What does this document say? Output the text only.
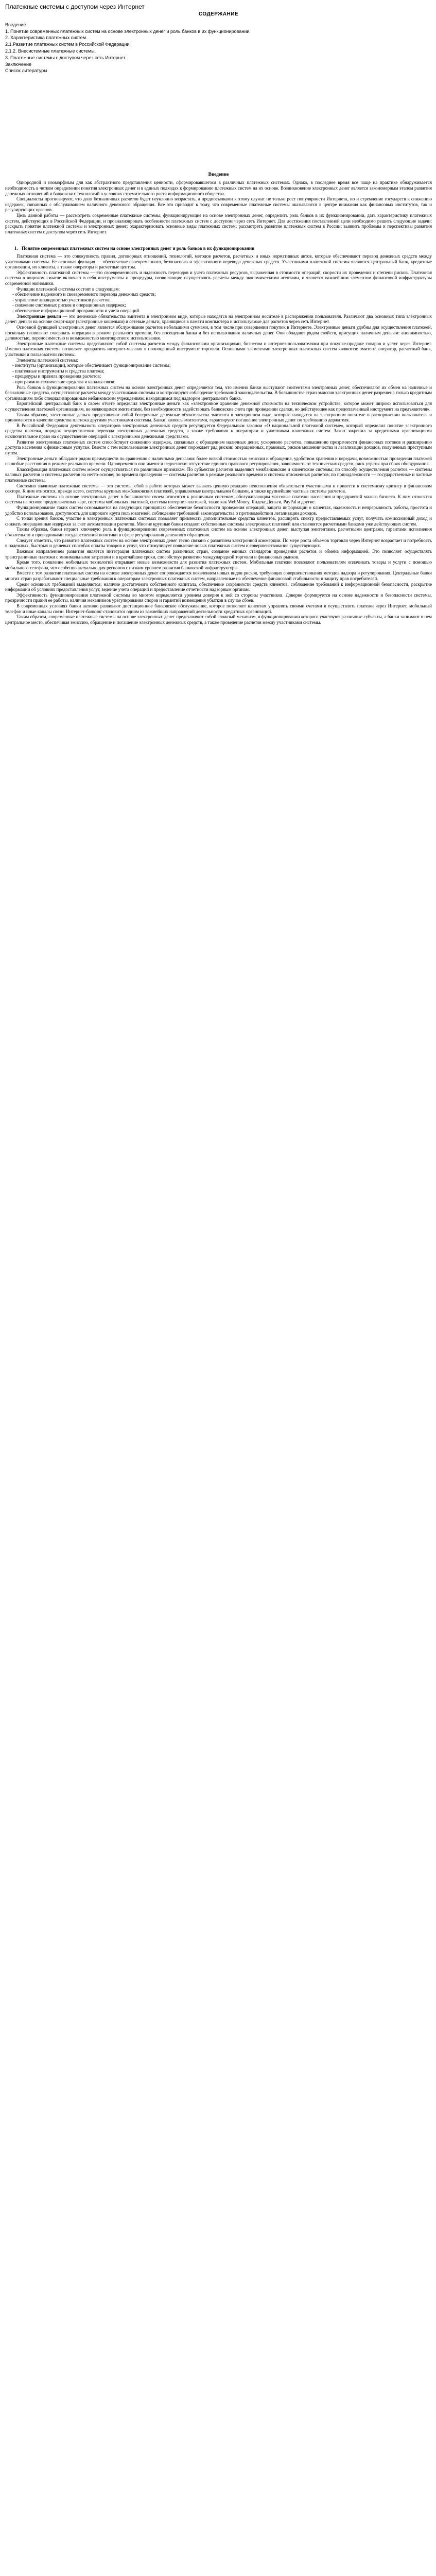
Платежные системы с доступом через Интернет
СОДЕРЖАНИЕ
Введение
1. Понятие современных платежных систем на основе электронных денег и роль банков в их функционировании.
2. Характеристика платежных систем.
2.1.Развитие платежных систем в Российской Федерации.
2.1.2. Внесистемные платежные системы.
3. Платежные системы с доступом через сеть Интернет.
Заключение
Список литературы
Введение

Однородной и изоморфным для как абстрактного представления ценности, сформировавшегося в различных платежных системах. Однако, в последнее время все чаще на практике обнаруживается необходимость в четком определении понятия электронных денег и в единых подходах к формированию платежных систем на их основе. Возникновение электронных денег является закономерным этапом развития денежных отношений и банковских технологий в условиях стремительного роста информационного общества.

Специалисты прогнозируют, что доля безналичных расчетов будет неуклонно возрастать, а предпосылками к этому служат не только рост популярности Интернета, но и стремление государств к снижению издержек, связанных с обслуживанием наличного денежного обращения. Все это приводит к тому, что современные платежные системы оказываются в центре внимания как финансовых институтов, так и регулирующих органов.

Цель данной работы — рассмотреть современные платежные системы, функционирующие на основе электронных денег, определить роль банков в их функционировании, дать характеристику платежных систем, действующих в Российской Федерации, и проанализировать особенности платежных систем с доступом через сеть Интернет. Для достижения поставленной цели необходимо решить следующие задачи: раскрыть понятие платежной системы и электронных денег; охарактеризовать основные виды платежных систем; рассмотреть развитие платежных систем в России; выявить проблемы и перспективы развития платежных систем с доступом через сеть Интернет.

1. Понятие современных платежных систем на основе электронных денег и роль банков в их функционировании

Платежная система — это совокупность правил, договорных отношений, технологий, методов расчетов, расчетных и иных нормативных актов, которые обеспечивают перевод денежных средств между участниками системы. Ее основная функция — обеспечение своевременного, безопасного и эффективного перевода денежных средств. Участниками платежной системы являются центральный банк, кредитные организации, их клиенты, а также операторы и расчетные центры.

Эффективность платежной системы — это своевременность и надежность переводов и учета платежных ресурсов, выраженная в стоимости операций, скорости их проведения и степени рисков. Платежная система в широком смысле включает в себя инструменты и процедуры, позволяющие осуществлять расчеты между экономическими агентами, и является важнейшим элементом финансовой инфраструктуры современной экономики.

Функции платежной системы состоят в следующем:

- обеспечение надежного и своевременного перевода денежных средств;

- управление ликвидностью участников расчетов;

- снижение системных рисков и операционных издержек;

- обеспечение информационной прозрачности и учета операций.

Электронные деньги — это денежные обязательства эмитента в электронном виде, которые находятся на электронном носителе в распоряжении пользователя. Различают два основных типа электронных денег: деньги на основе смарт-карт (электронные кошельки) и сетевые деньги, хранящиеся в памяти компьютера и используемые для расчетов через сеть Интернет.

Основной функцией электронных денег является обслуживание расчетов небольшими суммами, в том числе при совершении покупок в Интернете. Электронные деньги удобны для осуществления платежей, поскольку позволяют совершать операции в режиме реального времени, без посещения банка и без использования наличных денег. Они обладают рядом свойств, присущих наличным деньгам: анонимностью, делимостью, переносимостью и возможностью многократного использования.

Электронные платежные системы представляют собой системы расчетов между финансовыми организациями, бизнесом и интернет-пользователями при покупке-продаже товаров и услуг через Интернет. Именно платежная система позволяет превратить интернет-магазин в полноценный инструмент торговли. Основными элементами электронных платежных систем являются: эмитент, оператор, расчетный банк, участники и пользователи системы.

Элементы платежной системы:

- институты (организации), которые обеспечивают функционирование системы;

- платежные инструменты и средства платежа;

- процедуры и правила проведения расчетов;

- программно-технические средства и каналы связи.

Роль банков в функционировании платежных систем на основе электронных денег определяется тем, что именно банки выступают эмитентами электронных денег, обеспечивают их обмен на наличные и безналичные средства, осуществляют расчеты между участниками системы и контролируют соблюдение требований законодательства. В большинстве стран эмиссия электронных денег разрешена только кредитным организациям либо специализированным небанковским учреждениям, находящимся под надзором центрального банка.

Европейский центральный банк в своем отчете определил электронные деньги как «электронное хранение денежной стоимости на техническом устройстве, которое может широко использоваться для осуществления платежей организациям, не являющимся эмитентами, без необходимости задействовать банковские счета при проведении сделки, но действующее как предоплаченный инструмент на предъявителя».

Таким образом, электронные деньги представляют собой бессрочные денежные обязательства эмитента в электронном виде, которые находятся на электронном носителе в распоряжении пользователя и принимаются в качестве средства платежа другими участниками системы. Банки, являясь эмитентами, гарантируют погашение электронных денег по требованию держателя.

В Российской Федерации деятельность операторов электронных денежных средств регулируется Федеральным законом «О национальной платежной системе», который определил понятие электронного средства платежа, порядок осуществления перевода электронных денежных средств, а также требования к операторам и участникам платежных систем. Закон закрепил за кредитными организациями исключительное право на осуществление операций с электронными денежными средствами.

Развитие электронных платежных систем способствует снижению издержек, связанных с обращением наличных денег, ускорению расчетов, повышению прозрачности финансовых потоков и расширению доступа населения к финансовым услугам. Вместе с тем использование электронных денег порождает ряд рисков: операционных, правовых, рисков мошенничества и легализации доходов, полученных преступным путем.

Электронные деньги обладают рядом преимуществ по сравнению с наличными деньгами: более низкой стоимостью эмиссии и обращения, удобством хранения и передачи, возможностью проведения платежей на любые расстояния в режиме реального времени. Одновременно они имеют и недостатки: отсутствие единого правового регулирования, зависимость от технических средств, риск утраты при сбоях оборудования.

Классификация платежных систем может осуществляться по различным признакам. По субъектам расчетов выделяют межбанковские и клиентские системы; по способу осуществления расчетов — системы валовых расчетов и системы расчетов на нетто-основе; по времени проведения — системы расчетов в режиме реального времени и системы отложенных расчетов; по принадлежности — государственные и частные платежные системы.

Системно значимые платежные системы — это системы, сбой в работе которых может вызвать цепную реакцию неисполнения обязательств участниками и привести к системному кризису в финансовом секторе. К ним относятся, прежде всего, системы крупных межбанковских платежей, управляемые центральными банками, а также крупнейшие частные системы расчетов.

Платежные системы на основе электронных денег в большинстве своем относятся к розничным системам, обслуживающим массовые платежи населения и предприятий малого бизнеса. К ним относятся системы на основе предоплаченных карт, системы мобильных платежей, системы интернет-платежей, такие как WebMoney, Яндекс.Деньги, PayPal и другие.

Функционирование таких систем основывается на следующих принципах: обеспечение безопасности проведения операций, защита информации о клиентах, надежность и непрерывность работы, простота и удобство использования, доступность для широкого круга пользователей, соблюдение требований законодательства о противодействии легализации доходов.

С точки зрения банков, участие в электронных платежных системах позволяет привлекать дополнительные средства клиентов, расширять спектр предоставляемых услуг, получать комиссионный доход и снижать операционные издержки за счет автоматизации расчетов. Многие крупные банки создают собственные системы электронных платежей или становятся расчетными банками уже действующих систем.

Таким образом, банки играют ключевую роль в функционировании современных платежных систем на основе электронных денег, выступая эмитентами, расчетными центрами, гарантами исполнения обязательств и проводниками государственной политики в сфере регулирования денежного обращения.

Следует отметить, что развитие платежных систем на основе электронных денег тесно связано с развитием электронной коммерции. По мере роста объемов торговли через Интернет возрастает и потребность в надежных, быстрых и дешевых способах оплаты товаров и услуг, что стимулирует появление новых платежных систем и совершенствование существующих.

Важным направлением развития является интеграция платежных систем различных стран, создание единых стандартов проведения расчетов и обмена информацией. Это позволяет осуществлять трансграничные платежи с минимальными затратами и в кратчайшие сроки, способствуя развитию международной торговли и финансовых рынков.

Кроме того, появление мобильных технологий открывает новые возможности для развития платежных систем. Мобильные платежи позволяют пользователям оплачивать товары и услуги с помощью мобильного телефона, что особенно актуально для регионов с низким уровнем развития банковской инфраструктуры.

Вместе с тем развитие платежных систем на основе электронных денег сопровождается появлением новых видов рисков, требующих совершенствования методов надзора и регулирования. Центральные банки многих стран разрабатывают специальные требования к операторам электронных платежных систем, направленные на обеспечение финансовой стабильности и защиту прав потребителей.

Среди основных требований выделяются: наличие достаточного собственного капитала, обеспечение сохранности средств клиентов, соблюдение требований к информационной безопасности, раскрытие информации об условиях предоставления услуг, ведение учета операций и предоставление отчетности надзорным органам.

Эффективность функционирования платежной системы во многом определяется уровнем доверия к ней со стороны участников. Доверие формируется на основе надежности и безопасности системы, прозрачности правил ее работы, наличия механизмов урегулирования споров и гарантий возмещения убытков в случае сбоев.

В современных условиях банки активно развивают дистанционное банковское обслуживание, которое позволяет клиентам управлять своими счетами и осуществлять платежи через Интернет, мобильный телефон и иные каналы связи. Интернет-банкинг становится одним из важнейших направлений деятельности кредитных организаций.

Таким образом, современные платежные системы на основе электронных денег представляют собой сложный механизм, в функционировании которого участвуют различные субъекты, а банки занимают в нем центральное место, обеспечивая эмиссию, обращение и погашение электронных денежных средств, а также проведение расчетов между участниками системы.
